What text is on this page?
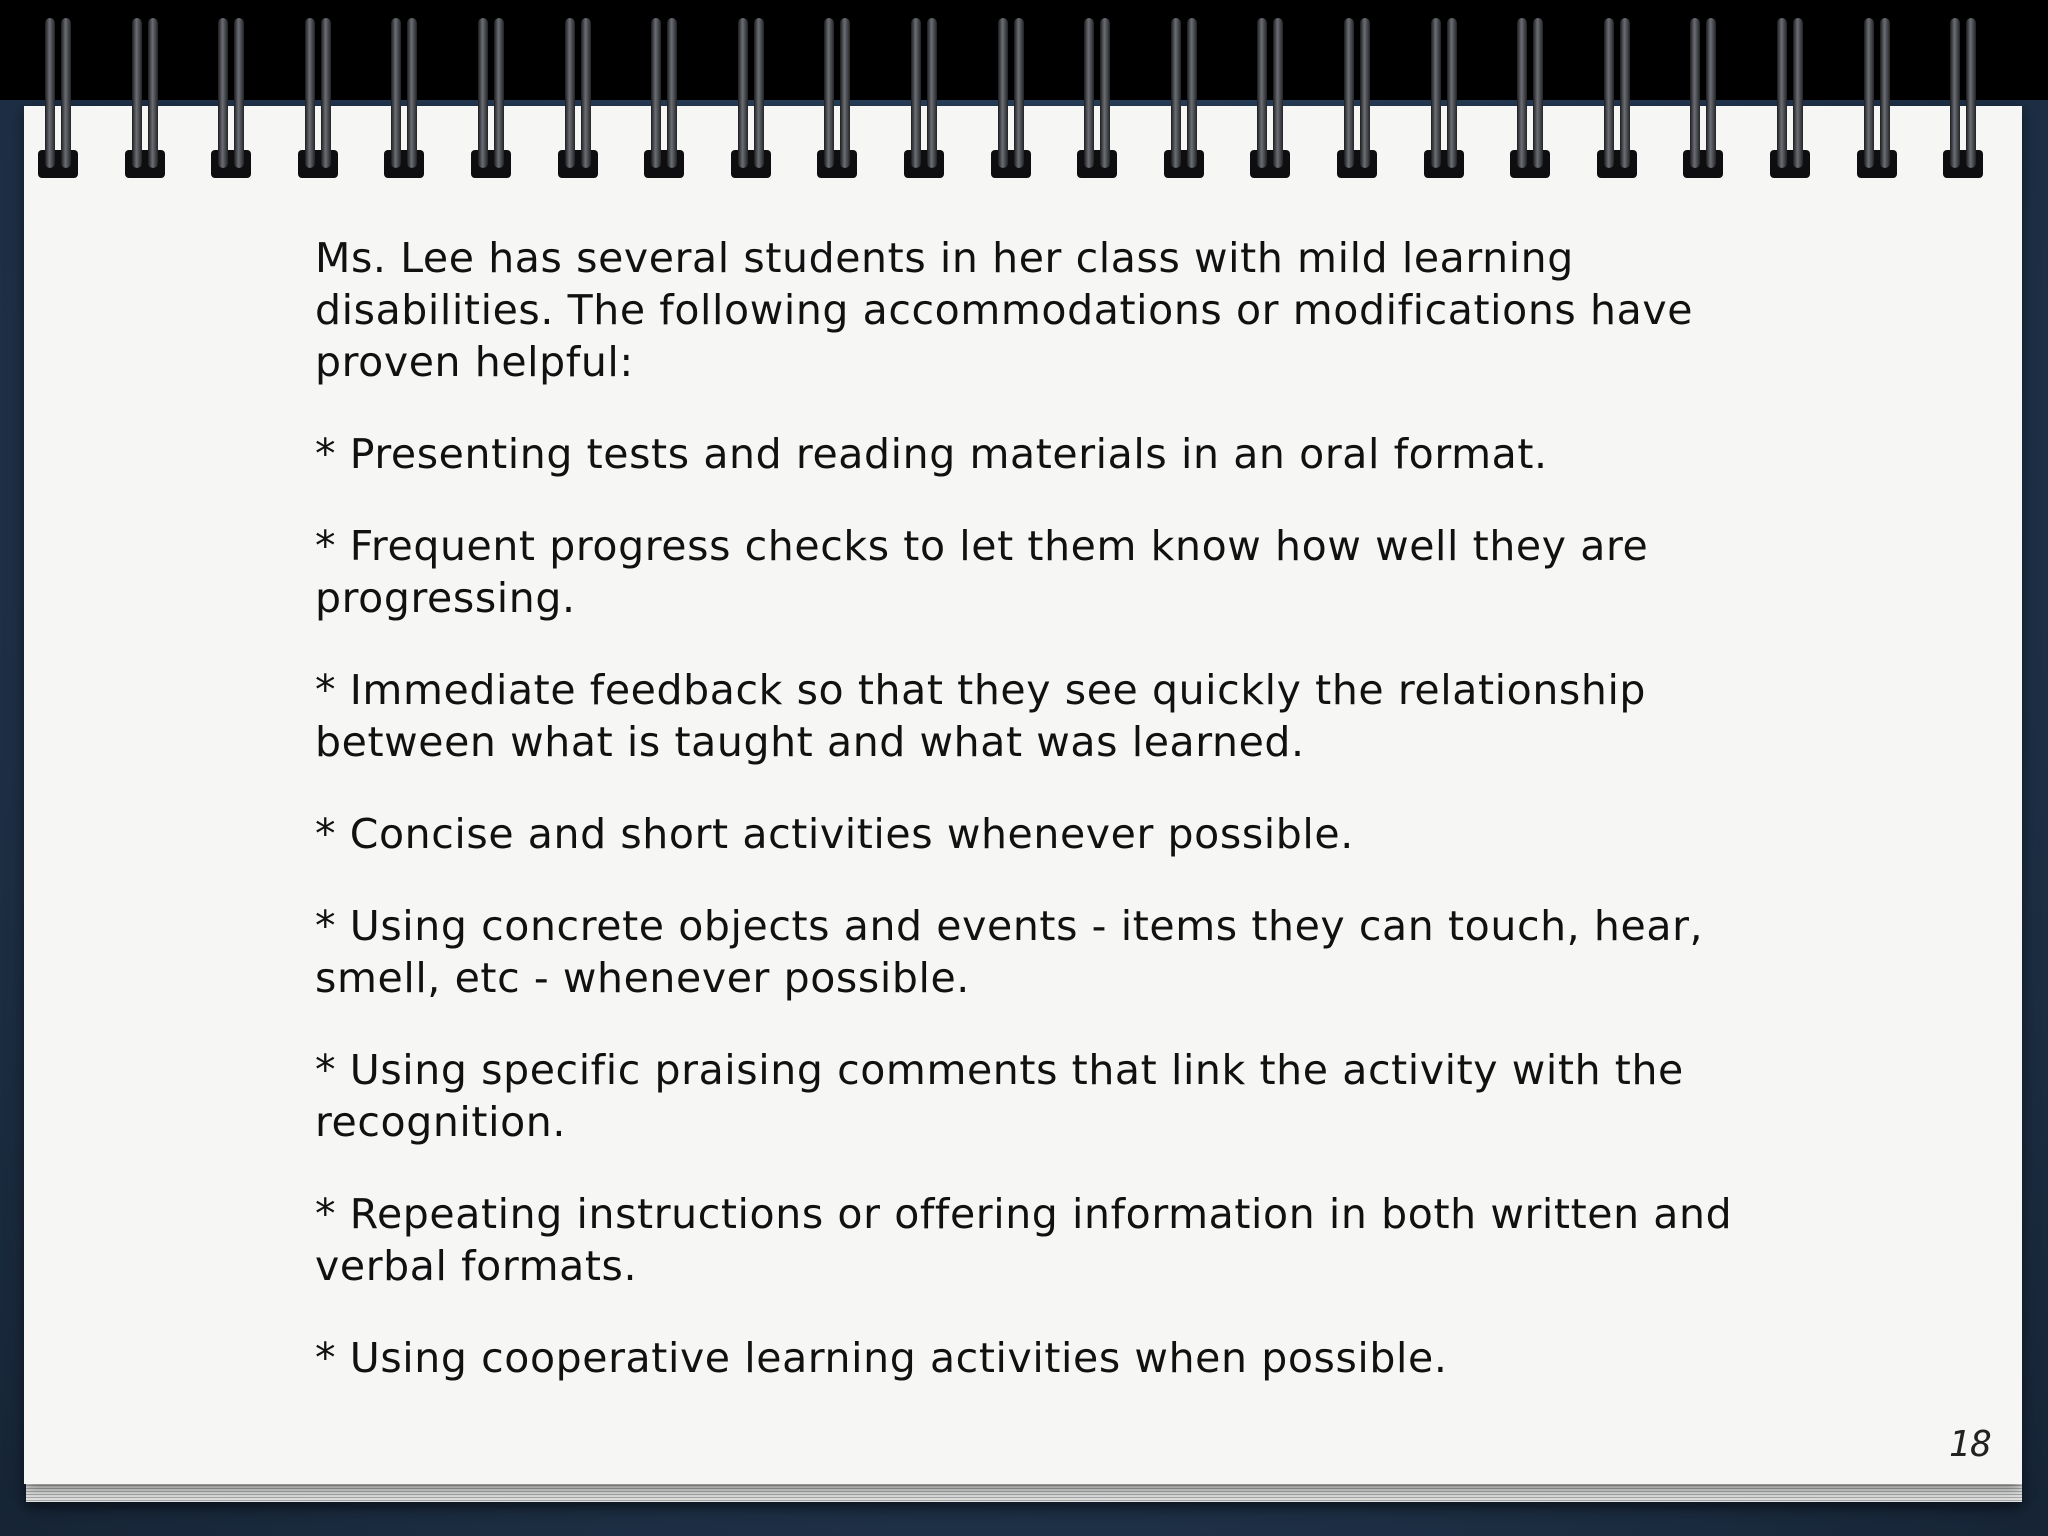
Ms. Lee has several students in her class with mild learning disabilities. The following accommodations or modifications have proven helpful:

* Presenting tests and reading materials in an oral format.

* Frequent progress checks to let them know how well they are progressing.

* Immediate feedback so that they see quickly the relationship between what is taught and what was learned.

* Concise and short activities whenever possible.

* Using concrete objects and events - items they can touch, hear, smell, etc - whenever possible.

* Using specific praising comments that link the activity with the recognition.

* Repeating instructions or offering information in both written and verbal formats.

* Using cooperative learning activities when possible.

18
